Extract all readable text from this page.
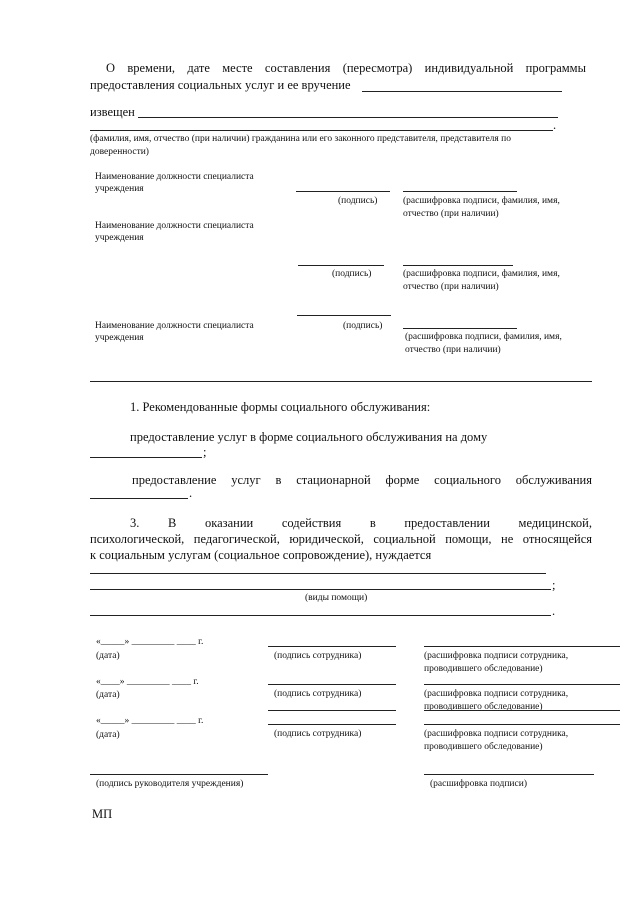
О времени, дате месте составления (пересмотра) индивидуальной программы
предоставления социальных услуг и ее вручение
извещен
.
(фамилия, имя, отчество (при наличии) гражданина или его законного представителя, представителя по
доверенности)
Наименование должности специалиста учреждения
(подпись)	(расшифровка подписи, фамилия, имя,
отчество (при наличии)
Наименование должности специалиста учреждения
(подпись)	(расшифровка подписи, фамилия, имя,
отчество (при наличии)
Наименование должности специалиста учреждения
(подпись)
(расшифровка подписи, фамилия, имя,
отчество (при наличии)
1. Рекомендованные формы социального обслуживания:
предоставление услуг в форме социального обслуживания на дому
;
предоставление услуг в стационарной форме социального обслуживания
.
3. В оказании содействия в предоставлении медицинской,
психологической, педагогической, юридической, социальной помощи, не относящейся
к социальным услугам (социальное сопровождение), нуждается
;
(виды помощи)
.
«_____» _________ ____ г.
(дата)	(подпись сотрудника)	(расшифровка подписи сотрудника,
проводившего обследование)
«____» _________ ____ г.
(дата)	(подпись сотрудника)	(расшифровка подписи сотрудника,
проводившего обследование)
«_____» _________ ____ г.
(дата)	(подпись сотрудника)	(расшифровка подписи сотрудника,
проводившего обследование)
(подпись руководителя учреждения)	(расшифровка подписи)
МП
